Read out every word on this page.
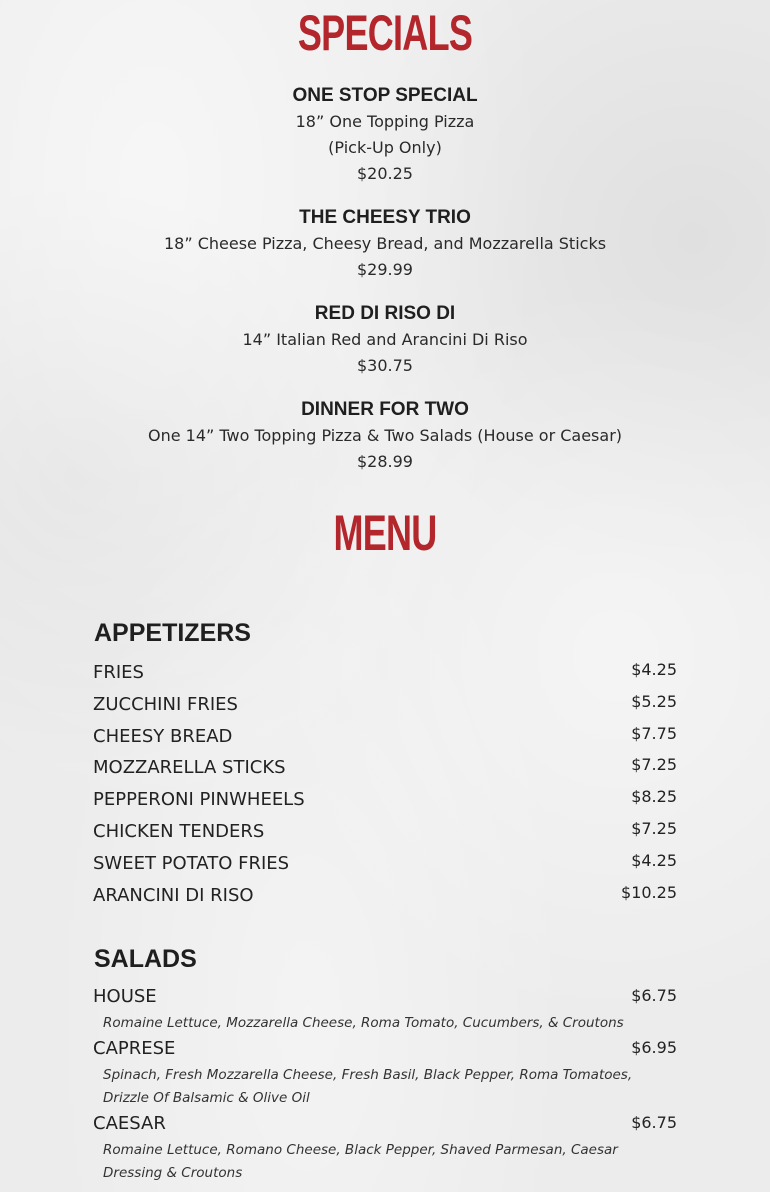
SPECIALS
ONE STOP SPECIAL
18” One Topping Pizza
(Pick-Up Only)
$20.25
THE CHEESY TRIO
18” Cheese Pizza, Cheesy Bread, and Mozzarella Sticks
$29.99
RED DI RISO DI
14” Italian Red and Arancini Di Riso
$30.75
DINNER FOR TWO
One 14” Two Topping Pizza & Two Salads (House or Caesar)
$28.99
MENU
APPETIZERS
FRIES	$4.25
ZUCCHINI FRIES	$5.25
CHEESY BREAD	$7.75
MOZZARELLA STICKS	$7.25
PEPPERONI PINWHEELS	$8.25
CHICKEN TENDERS	$7.25
SWEET POTATO FRIES	$4.25
ARANCINI DI RISO	$10.25
SALADS
HOUSE	$6.75
Romaine Lettuce, Mozzarella Cheese, Roma Tomato, Cucumbers, & Croutons
CAPRESE	$6.95
Spinach, Fresh Mozzarella Cheese, Fresh Basil, Black Pepper, Roma Tomatoes, Drizzle Of Balsamic & Olive Oil
CAESAR	$6.75
Romaine Lettuce, Romano Cheese, Black Pepper, Shaved Parmesan, Caesar Dressing & Croutons
